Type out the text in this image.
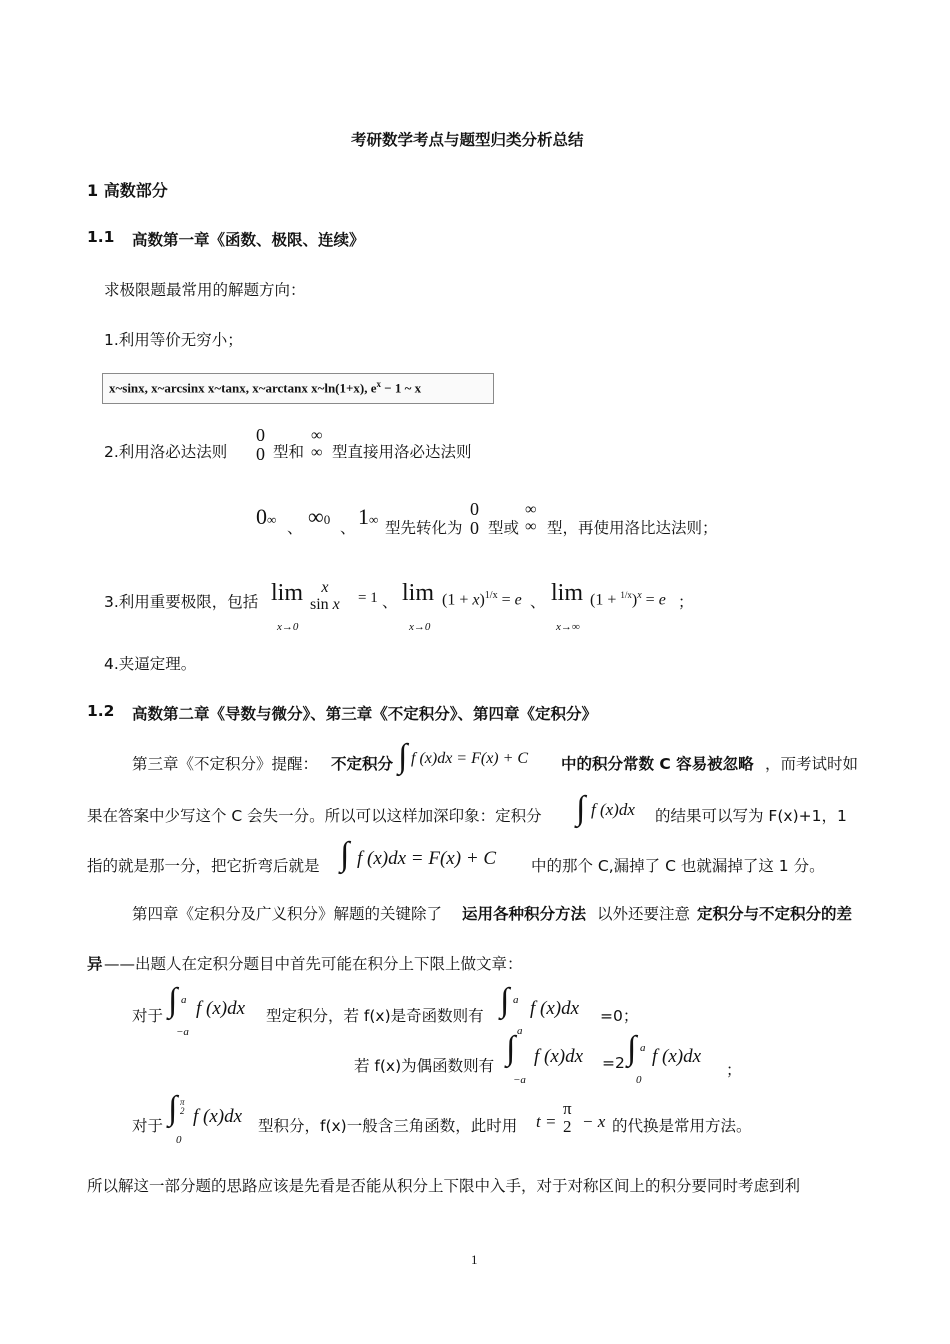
考研数学考点与题型归类分析总结
1 高数部分
1.1 高数第一章《函数、极限、连续》
求极限题最常用的解题方向：
1.利用等价无穷小；
x~sinx, x~arcsinx x~tanx, x~arctanx x~ln(1+x), $e^x - 1$ ~ x
2.利用洛必达法则
0
0 型和
∞
∞ 型直接用洛必达法则
0∞ 、 ∞0 、 1∞ 型先转化为
0
0 型或
∞
∞ 型，再使用洛比达法则；
3.利用重要极限，包括 lim
x→0
x
sin x = 1 、 lim
x→0
$(1 + x)^{1/x} = e$ 、 lim
x→∞
$(1 + ^{1/x})^x = e$ ；
4.夹逼定理。
1.2 高数第二章《导数与微分》、第三章《不定积分》、第四章《定积分》
第三章《不定积分》提醒： 不定积分 ∫ f (x)dx = F(x) + C 中的积分常数 C 容易被忽略 ，而考试时如
果在答案中少写这个 C 会失一分。所以可以这样加深印象：定积分 ∫ f (x)dx 的结果可以写为 F(x)+1，1
指的就是那一分，把它折弯后就是 ∫ f (x)dx = F(x) + C 中的那个 C,漏掉了 C 也就漏掉了这 1 分。
第四章《定积分及广义积分》解题的关键除了 运用各种积分方法 以外还要注意 定积分与不定积分的差
异 ——出题人在定积分题目中首先可能在积分上下限上做文章：
对于 ∫ a
−a
f (x)dx 型定积分，若 f(x)是奇函数则有 ∫ a f (x)dx =0；
若 f(x)为偶函数则有 ∫ a
−a
f (x)dx =2 ∫ a
0
f (x)dx
；
对于 ∫ π
2
0
f (x)dx 型积分，f(x)一般含三角函数，此时用 t =
π
2 − x 的代换是常用方法。
所以解这一部分题的思路应该是先看是否能从积分上下限中入手，对于对称区间上的积分要同时考虑到利
1
